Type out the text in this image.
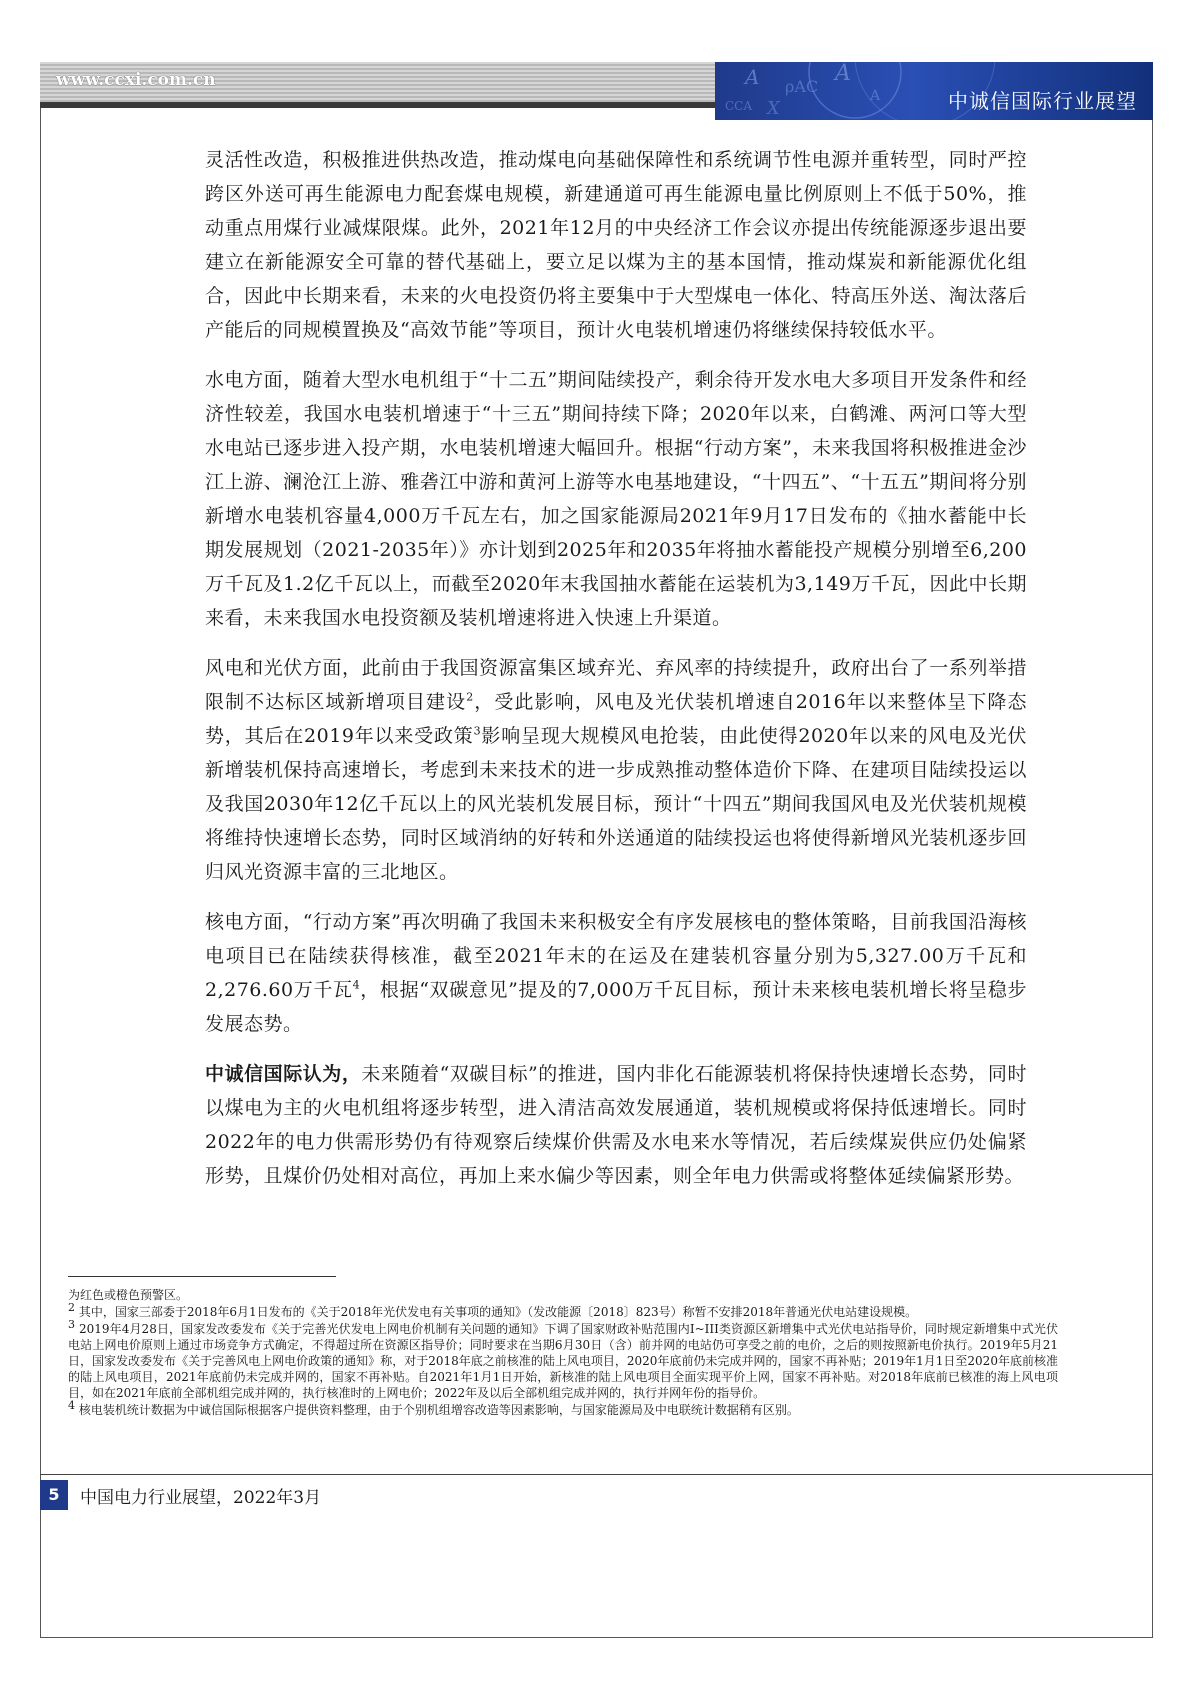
www.ccxi.com.cn	A ρAC
A
A
CCA X	中诚信国际行业展望

灵活性改造，积极推进供热改造，推动煤电向基础保障性和系统调节性电源并重转型，同时严控跨区外送可再生能源电力配套煤电规模，新建通道可再生能源电量比例原则上不低于50%，推动重点用煤行业减煤限煤。此外，2021年12月的中央经济工作会议亦提出传统能源逐步退出要建立在新能源安全可靠的替代基础上，要立足以煤为主的基本国情，推动煤炭和新能源优化组合，因此中长期来看，未来的火电投资仍将主要集中于大型煤电一体化、特高压外送、淘汰落后产能后的同规模置换及“高效节能”等项目，预计火电装机增速仍将继续保持较低水平。

水电方面，随着大型水电机组于“十二五”期间陆续投产，剩余待开发水电大多项目开发条件和经济性较差，我国水电装机增速于“十三五”期间持续下降；2020年以来，白鹤滩、两河口等大型水电站已逐步进入投产期，水电装机增速大幅回升。根据“行动方案”，未来我国将积极推进金沙江上游、澜沧江上游、雅砻江中游和黄河上游等水电基地建设，“十四五”、“十五五”期间将分别新增水电装机容量4,000万千瓦左右，加之国家能源局2021年9月17日发布的《抽水蓄能中长期发展规划（2021-2035年）》亦计划到2025年和2035年将抽水蓄能投产规模分别增至6,200万千瓦及1.2亿千瓦以上，而截至2020年末我国抽水蓄能在运装机为3,149万千瓦，因此中长期来看，未来我国水电投资额及装机增速将进入快速上升渠道。

风电和光伏方面，此前由于我国资源富集区域弃光、弃风率的持续提升，政府出台了一系列举措限制不达标区域新增项目建设$^2$，受此影响，风电及光伏装机增速自2016年以来整体呈下降态势，其后在2019年以来受政策$^3$影响呈现大规模风电抢装，由此使得2020年以来的风电及光伏新增装机保持高速增长，考虑到未来技术的进一步成熟推动整体造价下降、在建项目陆续投运以及我国2030年12亿千瓦以上的风光装机发展目标，预计“十四五”期间我国风电及光伏装机规模将维持快速增长态势，同时区域消纳的好转和外送通道的陆续投运也将使得新增风光装机逐步回归风光资源丰富的三北地区。

核电方面，“行动方案”再次明确了我国未来积极安全有序发展核电的整体策略，目前我国沿海核电项目已在陆续获得核准，截至2021年末的在运及在建装机容量分别为5,327.00万千瓦和2,276.60万千瓦$^4$，根据“双碳意见”提及的7,000万千瓦目标，预计未来核电装机增长将呈稳步发展态势。

中诚信国际认为，未来随着“双碳目标”的推进，国内非化石能源装机将保持快速增长态势，同时以煤电为主的火电机组将逐步转型，进入清洁高效发展通道，装机规模或将保持低速增长。同时2022年的电力供需形势仍有待观察后续煤价供需及水电来水等情况，若后续煤炭供应仍处偏紧形势，且煤价仍处相对高位，再加上来水偏少等因素，则全年电力供需或将整体延续偏紧形势。

为红色或橙色预警区。

$^2$ 其中，国家三部委于2018年6月1日发布的《关于2018年光伏发电有关事项的通知》（发改能源〔2018〕823号）称暂不安排2018年普通光伏电站建设规模。

$^3$ 2019年4月28日，国家发改委发布《关于完善光伏发电上网电价机制有关问题的通知》下调了国家财政补贴范围内I~III类资源区新增集中式光伏电站指导价，同时规定新增集中式光伏电站上网电价原则上通过市场竞争方式确定，不得超过所在资源区指导价；同时要求在当期6月30日（含）前并网的电站仍可享受之前的电价，之后的则按照新电价执行。2019年5月21日，国家发改委发布《关于完善风电上网电价政策的通知》称，对于2018年底之前核准的陆上风电项目，2020年底前仍未完成并网的，国家不再补贴；2019年1月1日至2020年底前核准的陆上风电项目，2021年底前仍未完成并网的，国家不再补贴。自2021年1月1日开始，新核准的陆上风电项目全面实现平价上网，国家不再补贴。对2018年底前已核准的海上风电项目，如在2021年底前全部机组完成并网的，执行核准时的上网电价；2022年及以后全部机组完成并网的，执行并网年份的指导价。

$^4$ 核电装机统计数据为中诚信国际根据客户提供资料整理，由于个别机组增容改造等因素影响，与国家能源局及中电联统计数据稍有区别。

5	中国电力行业展望，2022年3月
